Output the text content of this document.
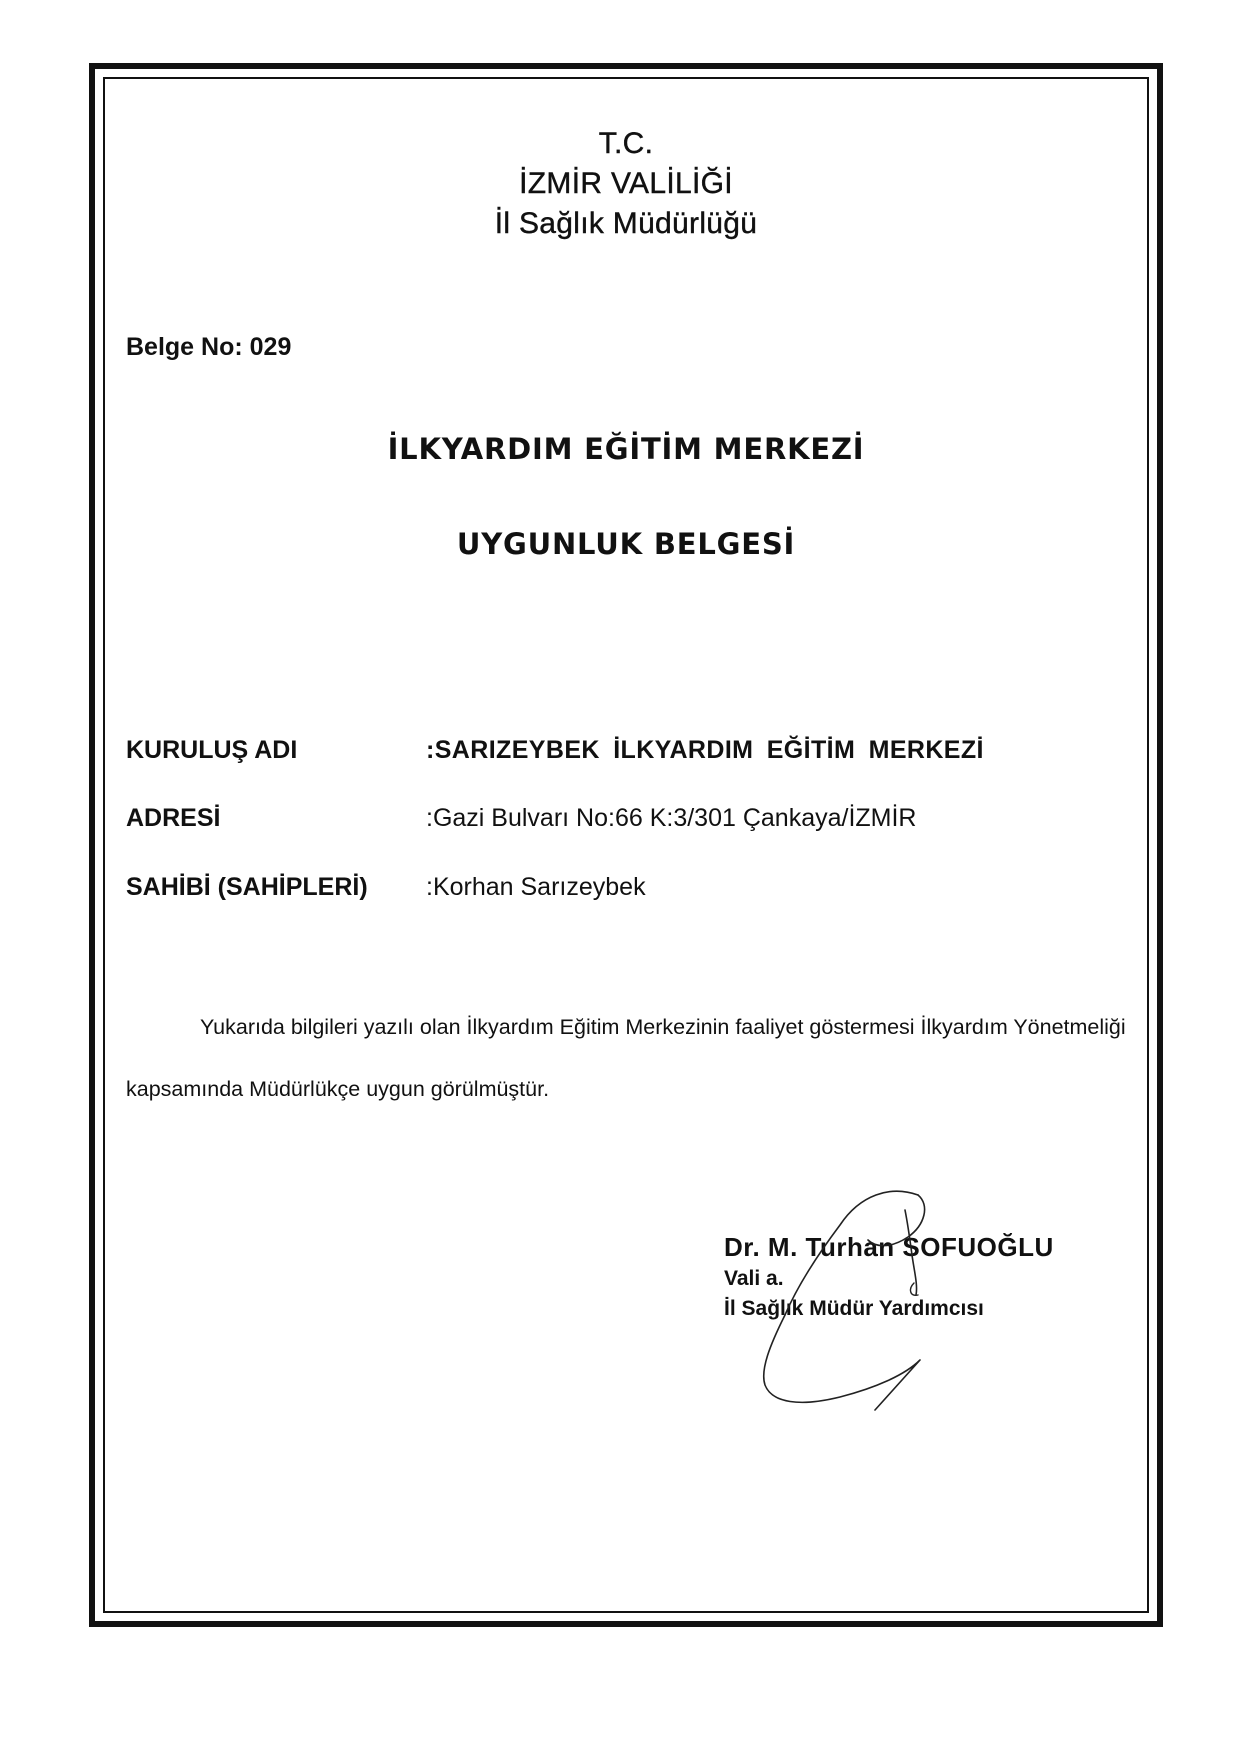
T.C.
İZMİR VALİLİĞİ
İl Sağlık Müdürlüğü
Belge No: 029
İLKYARDIM EĞİTİM MERKEZİ
UYGUNLUK BELGESİ
KURULUŞ ADI	:SARIZEYBEK İLKYARDIM EĞİTİM MERKEZİ
ADRESİ	:Gazi Bulvarı No:66 K:3/301 Çankaya/İZMİR
SAHİBİ (SAHİPLERİ) :Korhan Sarızeybek
Yukarıda bilgileri yazılı olan İlkyardım Eğitim Merkezinin faaliyet göstermesi İlkyardım Yönetmeliği kapsamında Müdürlükçe uygun görülmüştür.
Dr. M. Turhan SOFUOĞLU
Vali a.
İl Sağlık Müdür Yardımcısı
